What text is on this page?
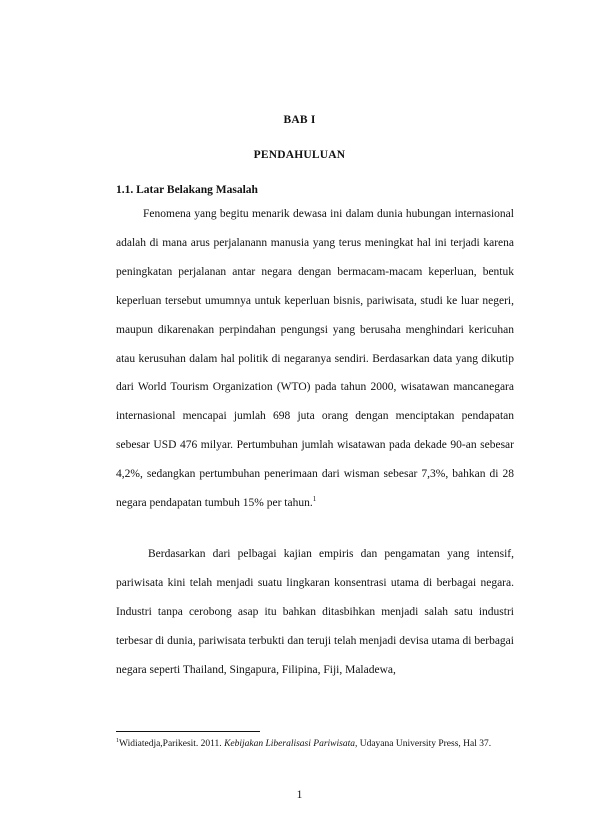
BAB I
PENDAHULUAN
1.1. Latar Belakang Masalah

Fenomena yang begitu menarik dewasa ini dalam dunia hubungan internasional adalah di mana arus perjalanann manusia yang terus meningkat hal ini terjadi karena peningkatan perjalanan antar negara dengan bermacam-macam keperluan, bentuk keperluan tersebut umumnya untuk keperluan bisnis, pariwisata, studi ke luar negeri, maupun dikarenakan perpindahan pengungsi yang berusaha menghindari kericuhan atau kerusuhan dalam hal politik di negaranya sendiri. Berdasarkan data yang dikutip dari World Tourism Organization (WTO) pada tahun 2000, wisatawan mancanegara internasional mencapai jumlah 698 juta orang dengan menciptakan pendapatan sebesar USD 476 milyar. Pertumbuhan jumlah wisatawan pada dekade 90-an sebesar 4,2%, sedangkan pertumbuhan penerimaan dari wisman sebesar 7,3%, bahkan di 28 negara pendapatan tumbuh 15% per tahun.$^1$

Berdasarkan dari pelbagai kajian empiris dan pengamatan yang intensif, pariwisata kini telah menjadi suatu lingkaran konsentrasi utama di berbagai negara. Industri tanpa cerobong asap itu bahkan ditasbihkan menjadi salah satu industri terbesar di dunia, pariwisata terbukti dan teruji telah menjadi devisa utama di berbagai negara seperti Thailand, Singapura, Filipina, Fiji, Maladewa,

$^1$Widiatedja,Parikesit. 2011. Kebijakan Liberalisasi Pariwisata, Udayana University Press, Hal 37.
1
